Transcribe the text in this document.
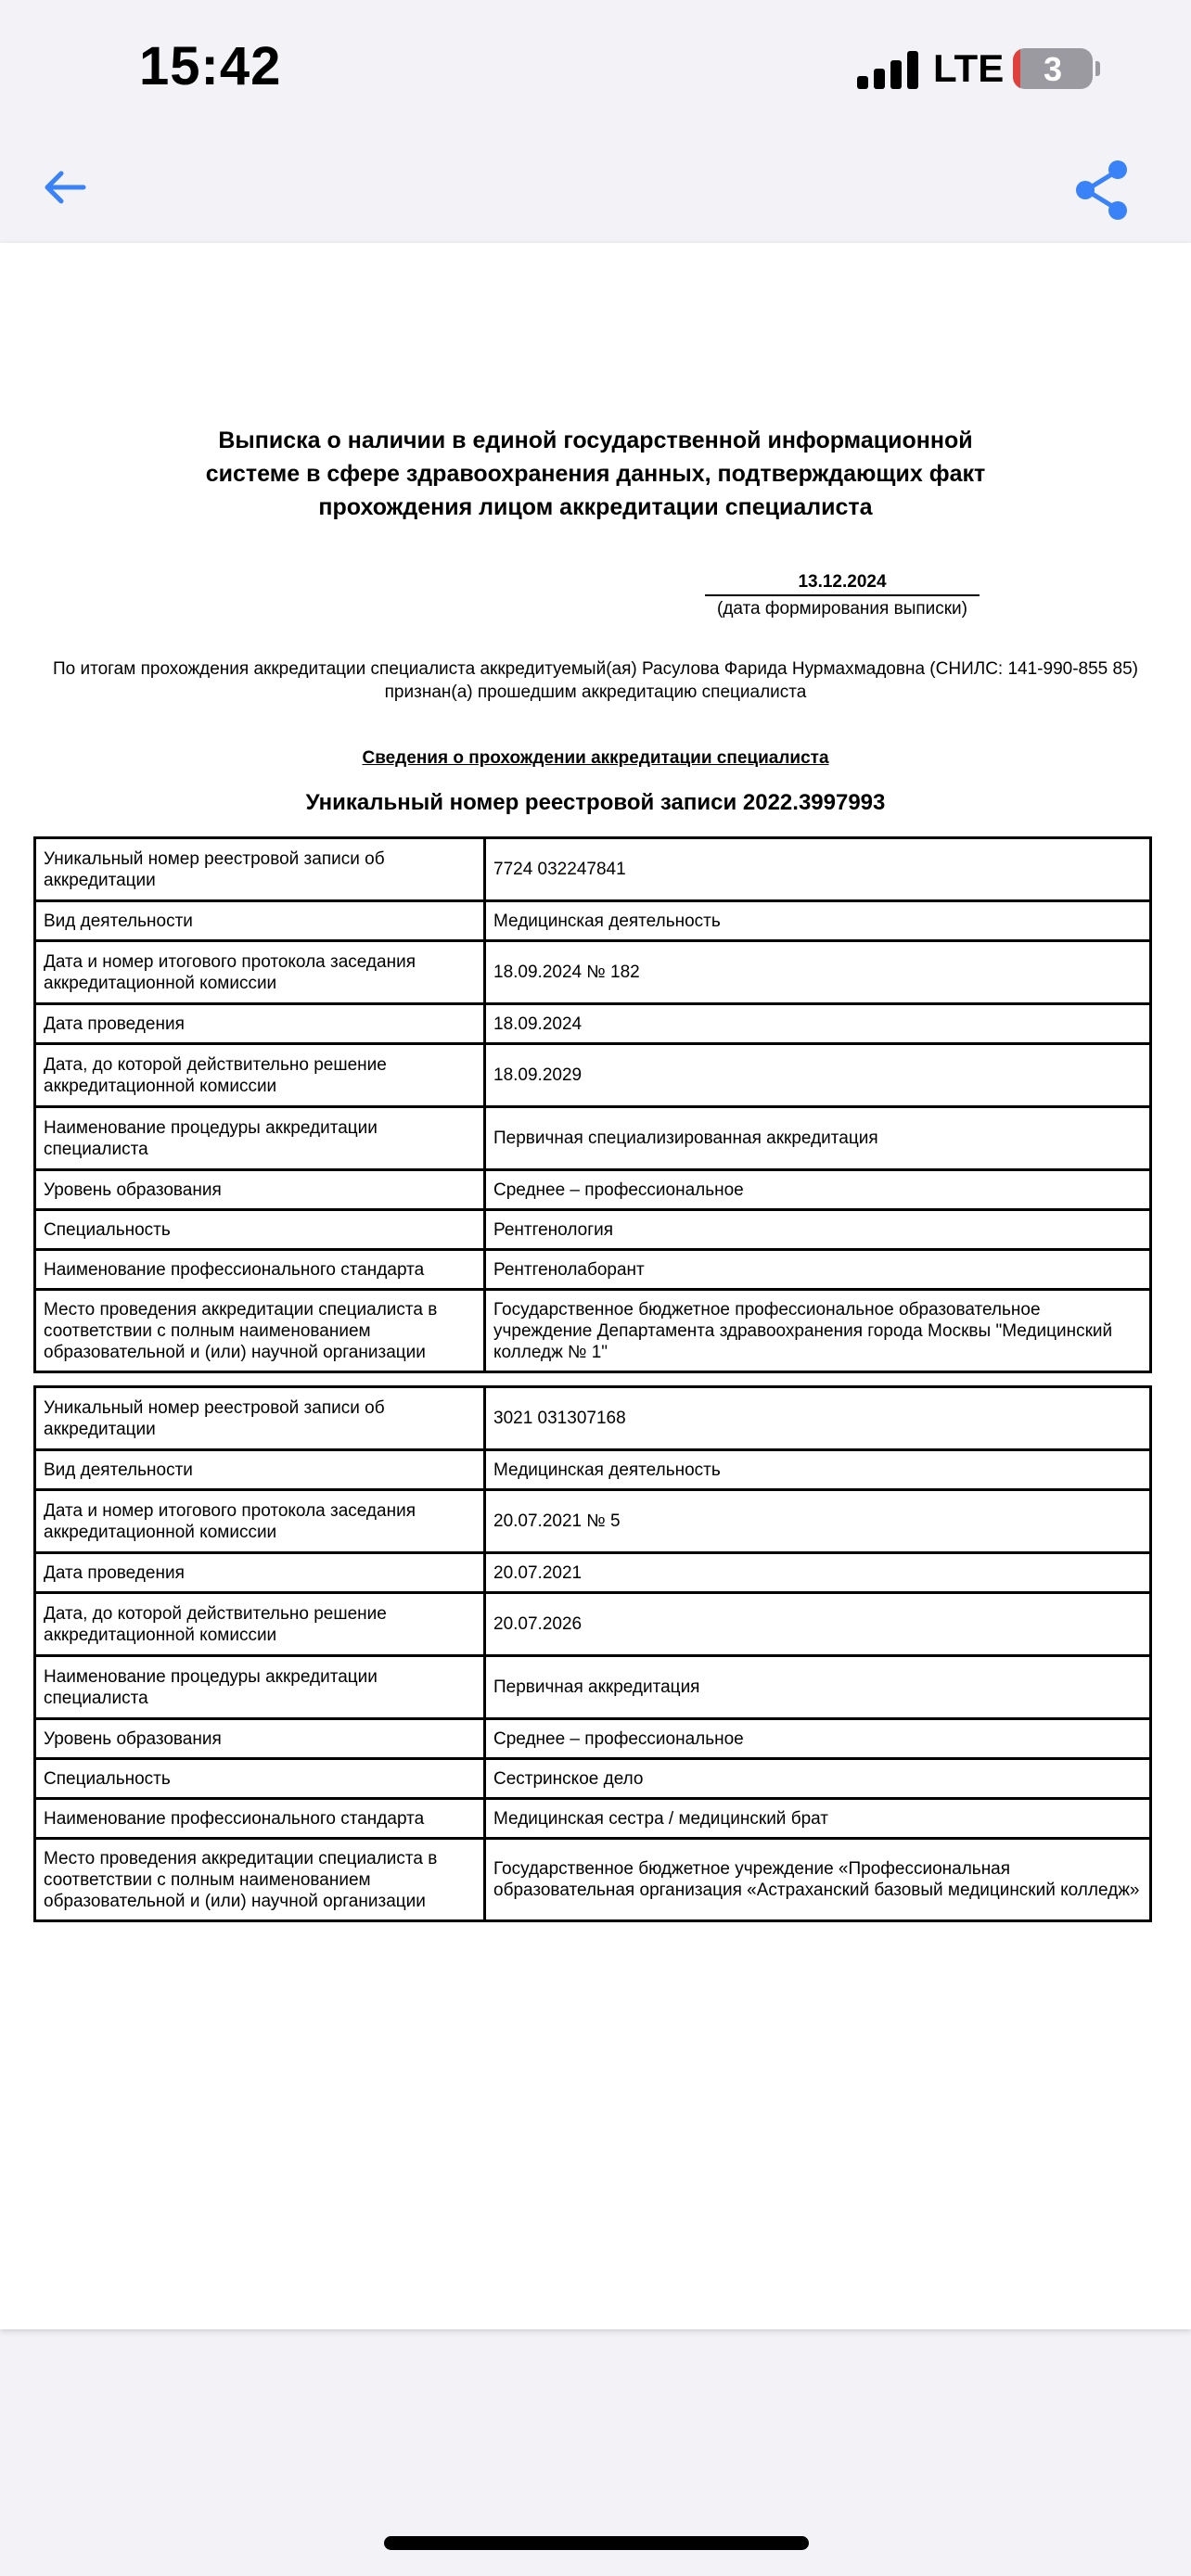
15:42	LTE	3
Выписка о наличии в единой государственной информационной
системе в сфере здравоохранения данных, подтверждающих факт
прохождения лицом аккредитации специалиста
13.12.2024
(дата формирования выписки)
По итогам прохождения аккредитации специалиста аккредитуемый(ая) Расулова Фарида Нурмахмадовна (СНИЛС: 141-990-855 85) признан(а) прошедшим аккредитацию специалиста
Сведения о прохождении аккредитации специалиста
Уникальный номер реестровой записи 2022.3997993
Уникальный номер реестровой записи об аккредитации	7724 032247841
Вид деятельности	Медицинская деятельность
Дата и номер итогового протокола заседания аккредитационной комиссии	18.09.2024 № 182
Дата проведения	18.09.2024
Дата, до которой действительно решение аккредитационной комиссии	18.09.2029
Наименование процедуры аккредитации специалиста	Первичная специализированная аккредитация
Уровень образования	Среднее – профессиональное
Специальность	Рентгенология
Наименование профессионального стандарта	Рентгенолаборант
Место проведения аккредитации специалиста в соответствии с полным наименованием образовательной и (или) научной организации	Государственное бюджетное профессиональное образовательное учреждение Департамента здравоохранения города Москвы "Медицинский колледж № 1"
Уникальный номер реестровой записи об аккредитации	3021 031307168
Вид деятельности	Медицинская деятельность
Дата и номер итогового протокола заседания аккредитационной комиссии	20.07.2021 № 5
Дата проведения	20.07.2021
Дата, до которой действительно решение аккредитационной комиссии	20.07.2026
Наименование процедуры аккредитации специалиста	Первичная аккредитация
Уровень образования	Среднее – профессиональное
Специальность	Сестринское дело
Наименование профессионального стандарта	Медицинская сестра / медицинский брат
Место проведения аккредитации специалиста в соответствии с полным наименованием образовательной и (или) научной организации	Государственное бюджетное учреждение «Профессиональная образовательная организация «Астраханский базовый медицинский колледж»
